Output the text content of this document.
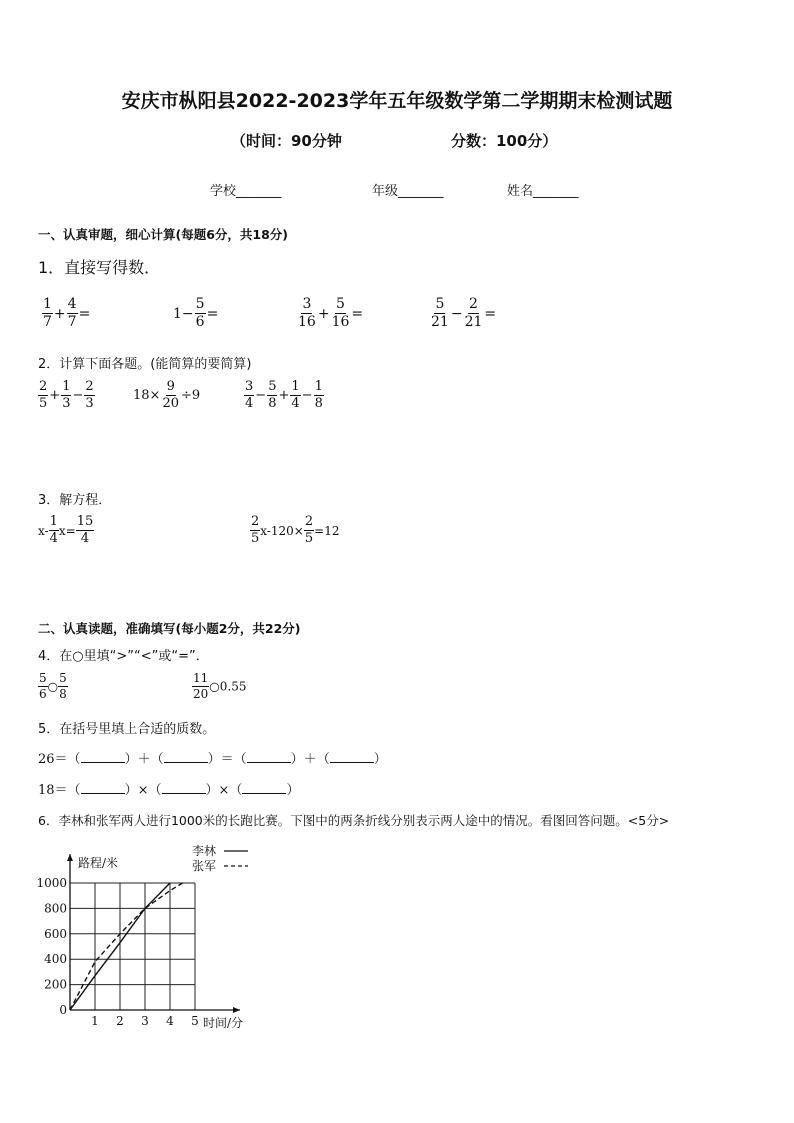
安庆市枞阳县2022-2023学年五年级数学第二学期期末检测试题
（时间：90分钟	分数：100分）
学校_______	年级_______	姓名_______
一、认真审题，细心计算(每题6分，共18分)
1．直接写得数．
$\frac{1}{7} + \frac{4}{7}$ =	$1- \frac{5}{6}$ =	$\frac{3}{16} + \frac{5}{16}$ =	$\frac{5}{21} - \frac{2}{21}$ =
2．计算下面各题。(能简算的要简算)
$\frac{2}{5} + \frac{1}{3} - \frac{2}{3}$	$18\times \frac{9}{20} \div 9$	$\frac{3}{4} - \frac{5}{8} + \frac{1}{4} - \frac{1}{8}$
3．解方程．
$x- \frac{1}{4} x= \frac{15}{4}$	$\frac{2}{5} x-120\times \frac{2}{5} =12$
二、认真读题，准确填写(每小题2分，共22分)
4．在○里填“>”“<”或“=”．
$\frac{5}{6}$ ○ $\frac{5}{8}$	$\frac{11}{20}$ ○0.55
5．在括号里填上合适的质数。
26＝（	）＋（	）＝（	）＋（	）
18＝（	）×（	）×（	）
6．李林和张军两人进行1000米的长跑比赛。下图中的两条折线分别表示两人途中的情况。看图回答问题。<5分>
1 2 3 4 5
0
200
400
600
800
1000
路程/米
时间/分
李林
张军
